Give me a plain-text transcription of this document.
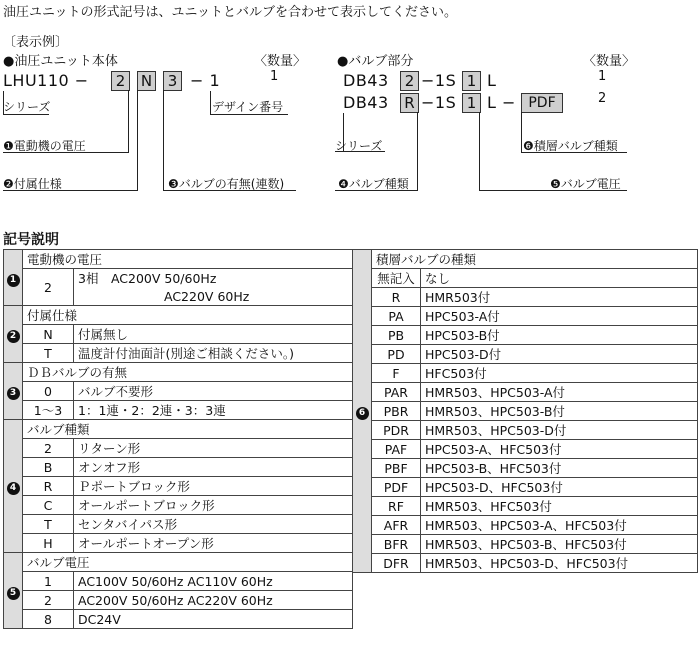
油圧ユニットの形式記号は、ユニットとバルブを合わせて表示してください。
〔表示例〕
●油圧ユニット本体	〈数量〉
1
LHU110 −	2	N	3 − 1
シリーズ	デザイン番号
❶電動機の電圧
❷付属仕様	❸バルブの有無(連数)
●バルブ部分	〈数量〉
1
2
DB43	2 −1S 1 L
DB43 R −1S 1 L − PDF
シリーズ	❻積層バルブ種類
❹バルブ種類	❺バルブ電圧
記号説明
1	電動機の電圧	
	2	3相　AC200V 50/60Hz
		AC220V 60Hz
2	付属仕様	
	N	付属無し
	T	温度計付油面計(別途ご相談ください。)
3	ＤＢバルブの有無	
	0	バルブ不要形
	1〜3	1：1連・2：2連・3：3連
4	バルブ種類	
	2	リターン形
	B	オンオフ形
	R	Ｐポートブロック形
	C	オールポートブロック形
	T	センタバイパス形
	H	オールポートオープン形
5	バルブ電圧	
	1	AC100V 50/60Hz AC110V 60Hz
	2	AC200V 50/60Hz AC220V 60Hz
	8	DC24V
6	積層バルブの種類	
	無記入	なし
	R	HMR503付
	PA	HPC503-A付
	PB	HPC503-B付
	PD	HPC503-D付
	F	HFC503付
	PAR	HMR503、HPC503-A付
	PBR	HMR503、HPC503-B付
	PDR	HMR503、HPC503-D付
	PAF	HPC503-A、HFC503付
	PBF	HPC503-B、HFC503付
	PDF	HPC503-D、HFC503付
	RF	HMR503、HFC503付
	AFR	HMR503、HPC503-A、HFC503付
	BFR	HMR503、HPC503-B、HFC503付
	DFR	HMR503、HPC503-D、HFC503付
